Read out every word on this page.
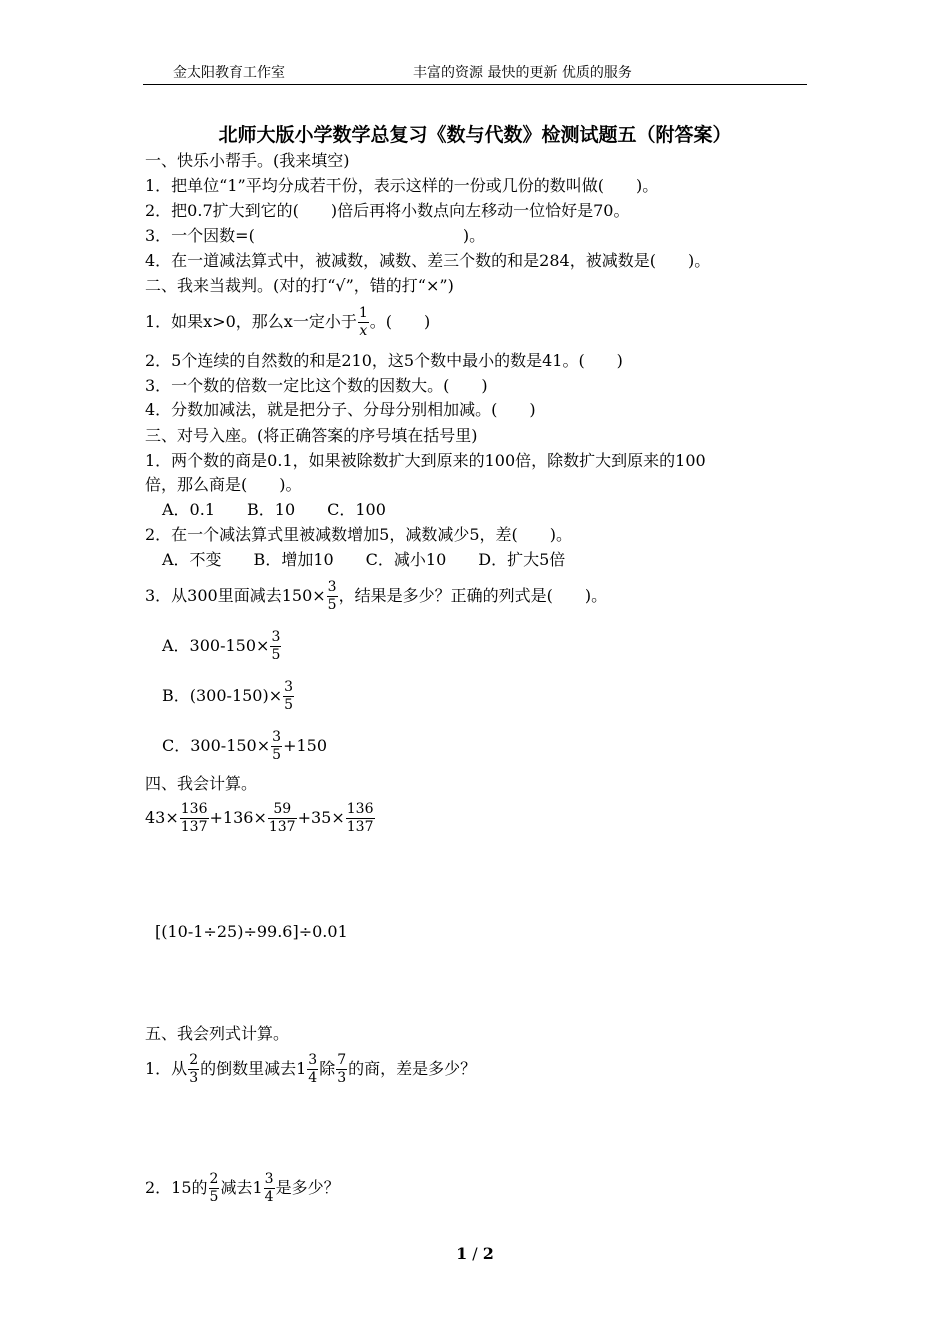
金太阳教育工作室	丰富的资源 最快的更新 优质的服务
北师大版小学数学总复习《数与代数》检测试题五（附答案）
一、快乐小帮手。(我来填空)
1．把单位“1”平均分成若干份，表示这样的一份或几份的数叫做(　　)。
2．把0.7扩大到它的(　　)倍后再将小数点向左移动一位恰好是70。
3．一个因数=(　　　　　　　　　　　　　)。
4．在一道减法算式中，被减数，减数、差三个数的和是284，被减数是(　　)。
二、我来当裁判。(对的打“√”，错的打“×”)
1．如果x>0，那么x一定小于 $\frac{1}{x}$ 。(　　)
2．5个连续的自然数的和是210，这5个数中最小的数是41。(　　)
3．一个数的倍数一定比这个数的因数大。(　　)
4．分数加减法，就是把分子、分母分别相加减。(　　)
三、对号入座。(将正确答案的序号填在括号里)
1．两个数的商是0.1，如果被除数扩大到原来的100倍，除数扩大到原来的100
倍，那么商是(　　)。
A．0.1　　B．10　　C．100
2．在一个减法算式里被减数增加5，减数减少5，差(　　)。
A．不变　　B．增加10　　C．减小10　　D．扩大5倍
3．从300里面减去$150\times \frac{3}{5}$ ，结果是多少？正确的列式是(　　)。
A．$300-150\times \frac{3}{5}$
B．$(300-150)\times \frac{3}{5}$
C．$300-150\times \frac{3}{5} +150$
四、我会计算。
$43\times \frac{136}{137} +136\times \frac{59}{137} +35\times \frac{136}{137}$
[(10-1÷25)÷99.6]÷0.01
五、我会列式计算。
1．从 $\frac{2}{3}$ 的倒数里减去$1 \frac{3}{4}$ 除 $\frac{7}{3}$ 的商，差是多少？
2．15的 $\frac{2}{5}$ 减去$1 \frac{3}{4}$ 是多少？
1 / 2
